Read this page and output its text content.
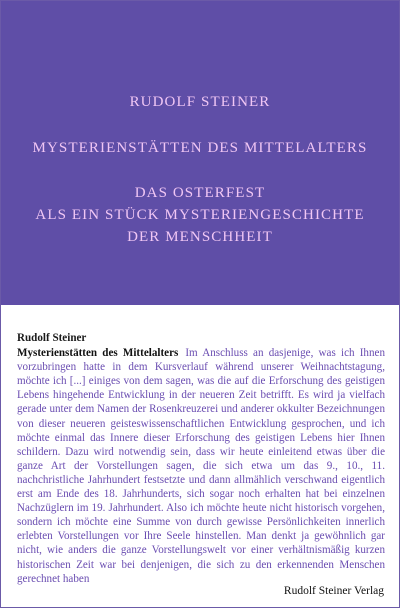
RUDOLF STEINER
MYSTERIENSTÄTTEN DES MITTELALTERS
DAS OSTERFEST
ALS EIN STÜCK MYSTERIENGESCHICHTE
DER MENSCHHEIT
Rudolf Steiner

Mysterienstätten des Mittelalters Im Anschluss an dasjenige, was ich Ihnen vorzubringen hatte in dem Kursverlauf während unserer Weihnachtstagung, möchte ich [...] einiges von dem sagen, was die auf die Erforschung des geistigen Lebens hingehende Entwicklung in der neueren Zeit betrifft. Es wird ja vielfach gerade unter dem Namen der Rosenkreuzerei und anderer okkulter Bezeichnungen von dieser neueren geisteswissenschaftlichen Entwicklung gesprochen, und ich möchte einmal das Innere dieser Erforschung des geistigen Lebens hier Ihnen schildern. Dazu wird notwendig sein, dass wir heute einleitend etwas über die ganze Art der Vorstellungen sagen, die sich etwa um das 9., 10., 11. nachchristliche Jahrhundert festsetzte und dann allmählich verschwand eigentlich erst am Ende des 18. Jahrhunderts, sich sogar noch erhalten hat bei einzelnen Nachzüglern im 19. Jahrhundert. Also ich möchte heute nicht historisch vorgehen, sondern ich möchte eine Summe von durch gewisse Persönlichkeiten innerlich erlebten Vorstellungen vor Ihre Seele hinstellen. Man denkt ja gewöhnlich gar nicht, wie anders die ganze Vorstellungswelt vor einer verhältnismäßig kurzen historischen Zeit war bei denjenigen, die sich zu den erkennenden Menschen gerechnet haben

Rudolf Steiner Verlag
